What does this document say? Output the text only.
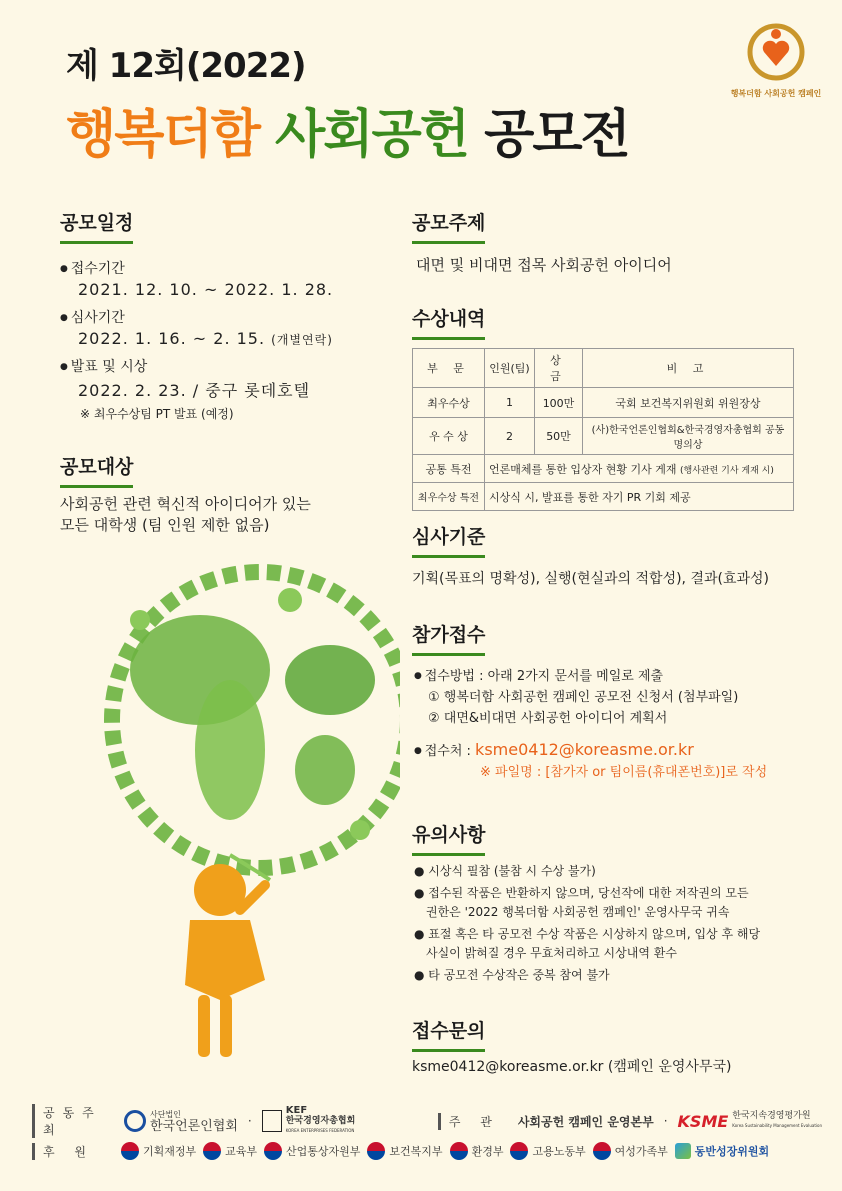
제 12회(2022)
행복더함 사회공헌 공모전
행복더함 사회공헌 캠페인
공모일정
● 접수기간
2021. 12. 10. ~ 2022. 1. 28.
● 심사기간
2022. 1. 16. ~ 2. 15. (개별연락)
● 발표 및 시상
2022. 2. 23. / 중구 롯데호텔
※ 최우수상팀 PT 발표 (예정)
공모대상
사회공헌 관련 혁신적 아이디어가 있는
모든 대학생 (팀 인원 제한 없음)
공모주제
대면 및 비대면 접목 사회공헌 아이디어
수상내역
부 문	인원(팀)	상 금	비 고
최우수상	1	100만	국회 보건복지위원회 위원장상
우 수 상	2	50만	(사)한국언론인협회&한국경영자총협회 공동명의상
공통 특전	언론매체를 통한 입상자 현황 기사 게재 (행사관련 기사 게재 시)		
최우수상 특전	시상식 시, 발표를 통한 자기 PR 기회 제공		
심사기준
기획(목표의 명확성), 실행(현실과의 적합성), 결과(효과성)
참가접수
● 접수방법 : 아래 2가지 문서를 메일로 제출
① 행복더함 사회공헌 캠페인 공모전 신청서 (첨부파일)
② 대면&비대면 사회공헌 아이디어 계획서
● 접수처 : ksme0412@koreasme.or.kr
※ 파일명 : [참가자 or 팀이름(휴대폰번호)]로 작성
유의사항
● 시상식 필참 (불참 시 수상 불가)
● 접수된 작품은 반환하지 않으며, 당선작에 대한 저작권의 모든
권한은 '2022 행복더함 사회공헌 캠페인' 운영사무국 귀속
● 표절 혹은 타 공모전 수상 작품은 시상하지 않으며, 입상 후 해당
사실이 밝혀질 경우 무효처리하고 시상내역 환수
● 타 공모전 수상작은 중복 참여 불가
접수문의
ksme0412@koreasme.or.kr (캠페인 운영사무국)
공동주최
사단법인
한국언론인협회 ·
KEF
한국경영자총협회
KOREA ENTERPRISES FEDERATION
주 관	사회공헌 캠페인 운영본부 · KSME 한국지속경영평가원
Korea Sustainability Management Evaluation
후 원	기획재정부	교육부	산업통상자원부	보건복지부	환경부	고용노동부	여성가족부 동반성장위원회
